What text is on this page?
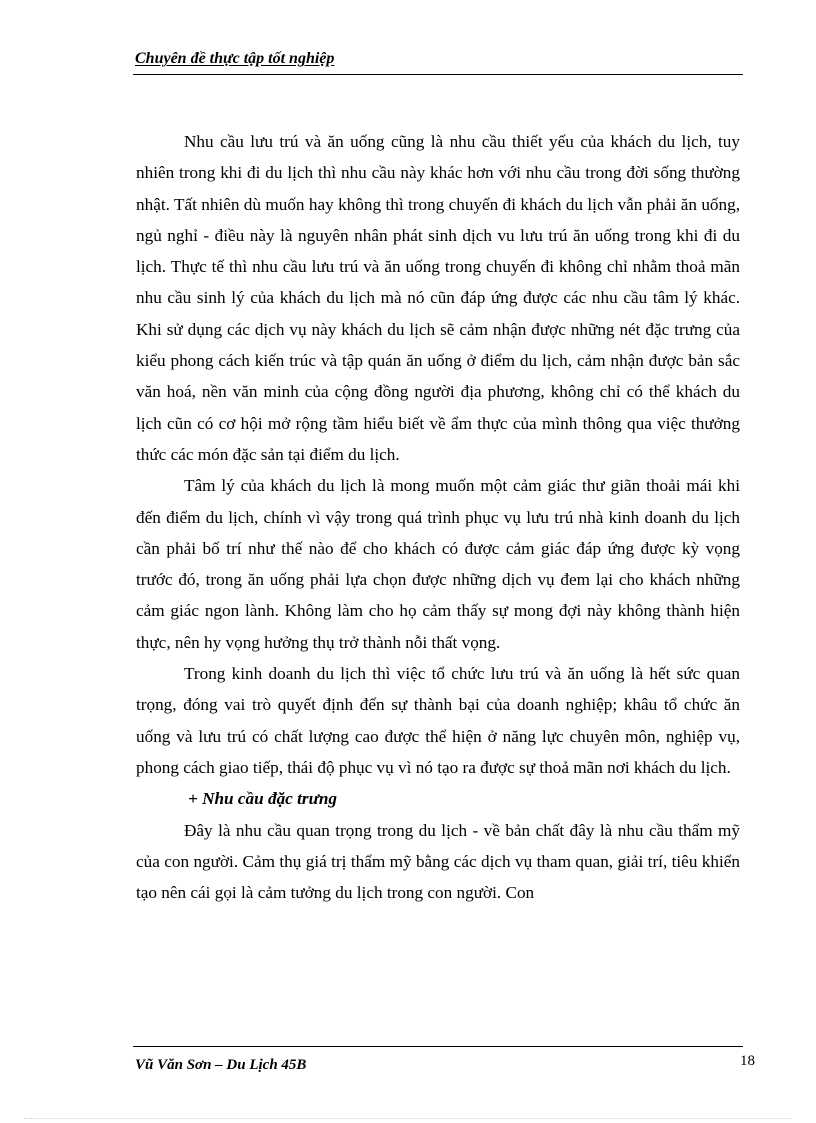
Chuyên đề thực tập tốt nghiệp

Nhu cầu lưu trú và ăn uống cũng là nhu cầu thiết yếu của khách du lịch, tuy nhiên trong khi đi du lịch thì nhu cầu này khác hơn với nhu cầu trong đời sống thường nhật. Tất nhiên dù muốn hay không thì trong chuyến đi khách du lịch vẫn phải ăn uống, ngủ nghỉ - điều này là nguyên nhân phát sinh dịch vu lưu trú ăn uống trong khi đi du lịch. Thực tế thì nhu cầu lưu trú và ăn uống trong chuyến đi không chỉ nhằm thoả mãn nhu cầu sinh lý của khách du lịch mà nó cũn đáp ứng được các nhu cầu tâm lý khác. Khi sử dụng các dịch vụ này khách du lịch sẽ cảm nhận được những nét đặc trưng của kiểu phong cách kiến trúc và tập quán ăn uống ở điểm du lịch, cảm nhận được bản sắc văn hoá, nền văn minh của cộng đồng người địa phương, không chỉ có thể khách du lịch cũn có cơ hội mở rộng tầm hiểu biết về ẩm thực của mình thông qua việc thưởng thức các món đặc sản tại điểm du lịch.

Tâm lý của khách du lịch là mong muốn một cảm giác thư giãn thoải mái khi đến điểm du lịch, chính vì vậy trong quá trình phục vụ lưu trú nhà kinh doanh du lịch cần phải bố trí như thế nào để cho khách có được cảm giác đáp ứng được kỳ vọng trước đó, trong ăn uống phải lựa chọn được những dịch vụ đem lại cho khách những cảm giác ngon lành. Không làm cho họ cảm thấy sự mong đợi này không thành hiện thực, nên hy vọng hưởng thụ trở thành nỗi thất vọng.

Trong kinh doanh du lịch thì việc tổ chức lưu trú và ăn uống là hết sức quan trọng, đóng vai trò quyết định đến sự thành bại của doanh nghiệp; khâu tổ chức ăn uống và lưu trú có chất lượng cao được thể hiện ở năng lực chuyên môn, nghiệp vụ, phong cách giao tiếp, thái độ phục vụ vì nó tạo ra được sự thoả mãn nơi khách du lịch.

+ Nhu cầu đặc trưng

Đây là nhu cầu quan trọng trong du lịch - về bản chất đây là nhu cầu thẩm mỹ của con người. Cảm thụ giá trị thẩm mỹ bằng các dịch vụ tham quan, giải trí, tiêu khiển tạo nên cái gọi là cảm tưởng du lịch trong con người. Con

Vũ Văn Sơn – Du Lịch 45B	18
